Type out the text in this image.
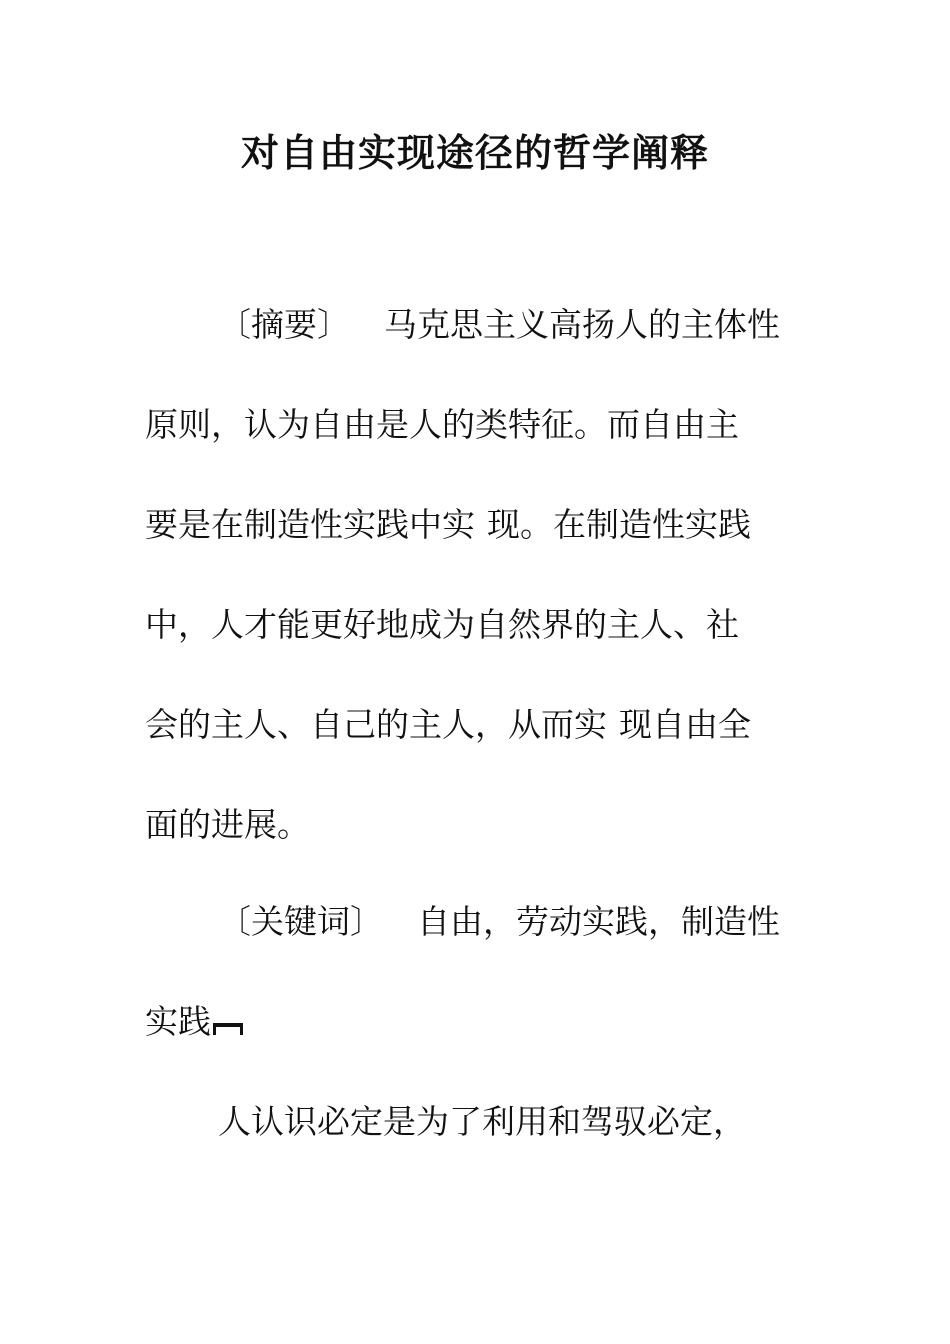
对自由实现途径的哲学阐释

〔摘要〕 马克思主义高扬人的主体性

原则，认为自由是人的类特征。而自由主

要是在制造性实践中实 现。在制造性实践

中，人才能更好地成为自然界的主人、社

会的主人、自己的主人，从而实 现自由全

面的进展。

〔关键词〕 自由，劳动实践，制造性

实践

人认识必定是为了利用和驾驭必定，
